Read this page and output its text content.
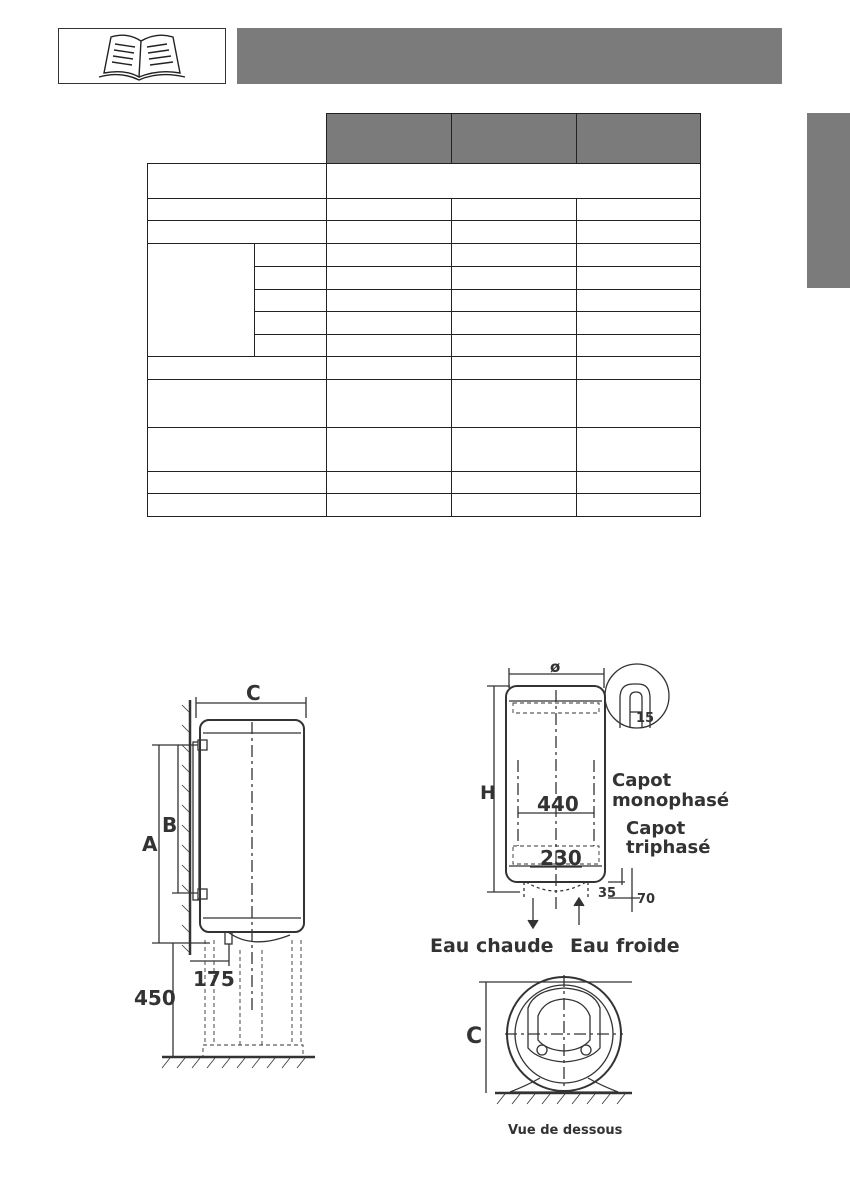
C
A
B
175
450
ø
H
15
440
230
35 70
Capot
monophasé
Capot
triphasé
Eau chaude Eau froide
C
Vue de dessous
